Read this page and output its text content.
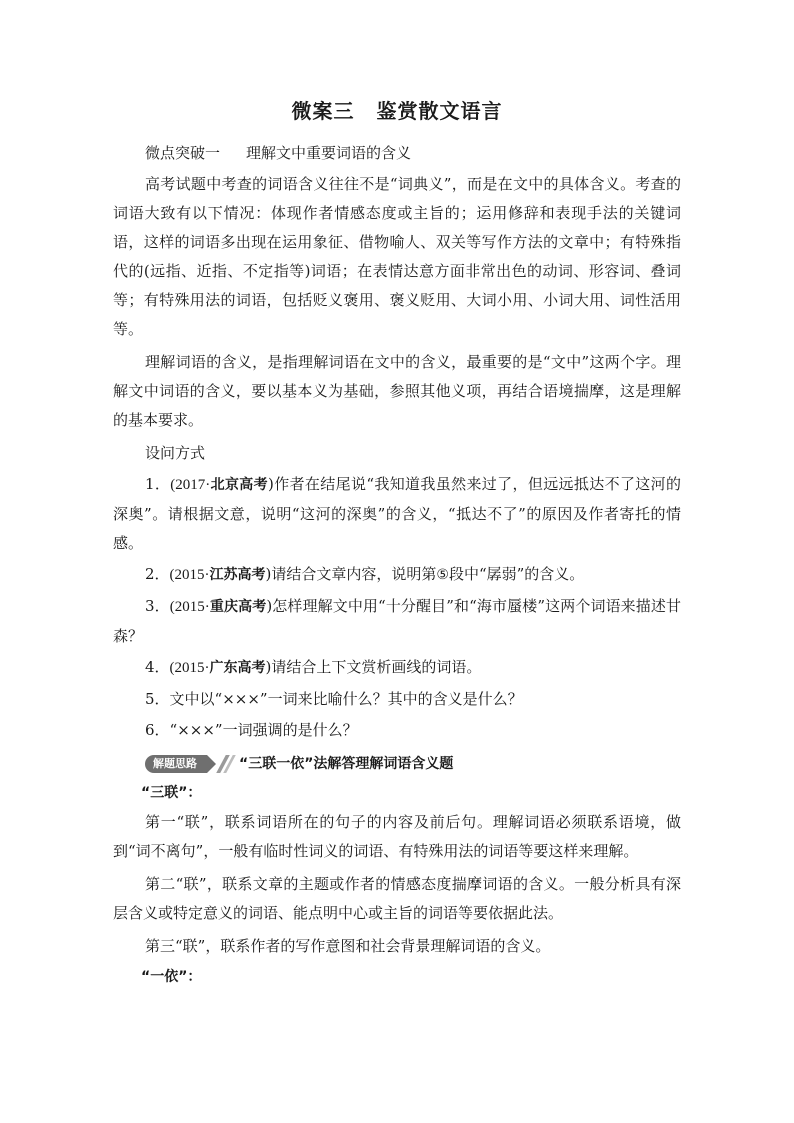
微案三 鉴赏散文语言
微点突破一 理解文中重要词语的含义

高考试题中考查的词语含义往往不是“词典义”，而是在文中的具体含义。考查的词语大致有以下情况：体现作者情感态度或主旨的；运用修辞和表现手法的关键词语，这样的词语多出现在运用象征、借物喻人、双关等写作方法的文章中；有特殊指代的(远指、近指、不定指等)词语；在表情达意方面非常出色的动词、形容词、叠词等；有特殊用法的词语，包括贬义褒用、褒义贬用、大词小用、小词大用、词性活用等。

理解词语的含义，是指理解词语在文中的含义，最重要的是“文中”这两个字。理解文中词语的含义，要以基本义为基础，参照其他义项，再结合语境揣摩，这是理解的基本要求。

设问方式

1．(2017·北京高考)作者在结尾说“我知道我虽然来过了，但远远抵达不了这河的深奥”。请根据文意，说明“这河的深奥”的含义，“抵达不了”的原因及作者寄托的情感。

2．(2015·江苏高考)请结合文章内容，说明第⑤段中“孱弱”的含义。

3．(2015·重庆高考)怎样理解文中用“十分醒目”和“海市蜃楼”这两个词语来描述甘森？

4．(2015·广东高考)请结合上下文赏析画线的词语。

5．文中以“×××”一词来比喻什么？其中的含义是什么？

6．“×××”一词强调的是什么？

解题思路	“三联一依”法解答理解词语含义题
“三联”：

第一“联”，联系词语所在的句子的内容及前后句。理解词语必须联系语境，做到“词不离句”，一般有临时性词义的词语、有特殊用法的词语等要这样来理解。

第二“联”，联系文章的主题或作者的情感态度揣摩词语的含义。一般分析具有深层含义或特定意义的词语、能点明中心或主旨的词语等要依据此法。

第三“联”，联系作者的写作意图和社会背景理解词语的含义。

“一依”：
